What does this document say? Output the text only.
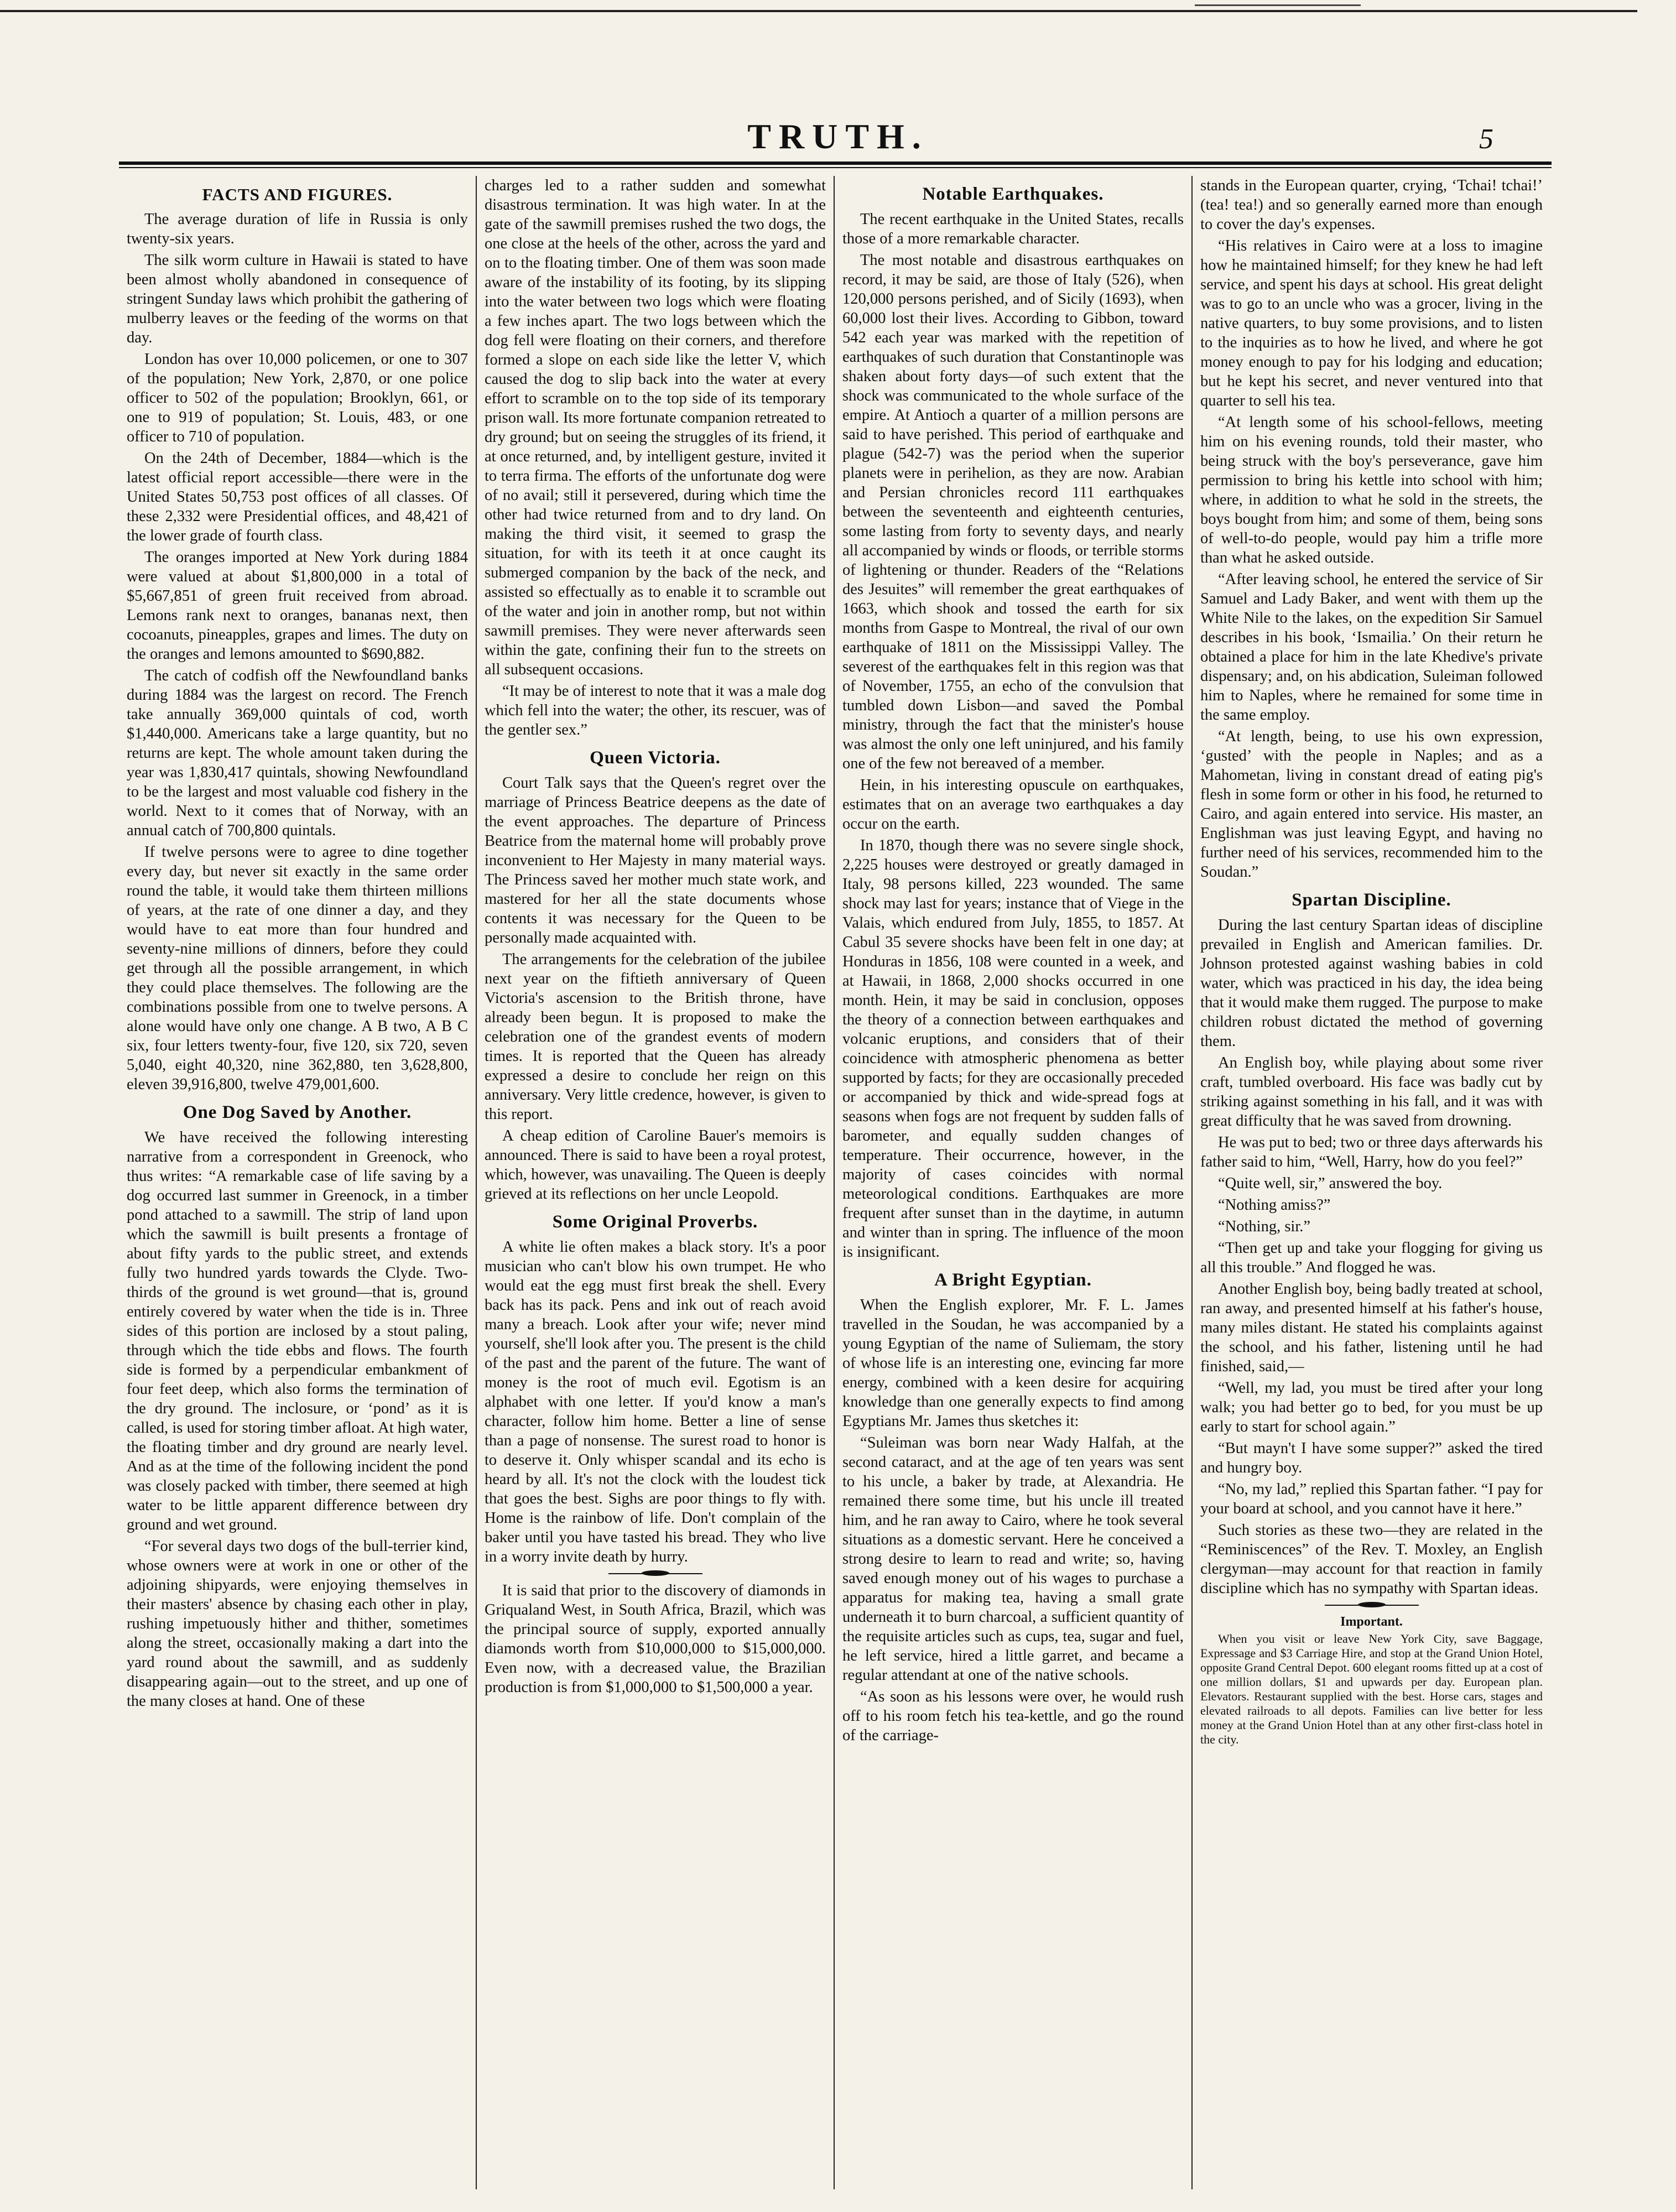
TRUTH.	5
FACTS AND FIGURES.

The average duration of life in Russia is only twenty-six years.

The silk worm culture in Hawaii is stated to have been almost wholly abandoned in consequence of stringent Sunday laws which prohibit the gathering of mulberry leaves or the feeding of the worms on that day.

London has over 10,000 policemen, or one to 307 of the population; New York, 2,870, or one police officer to 502 of the population; Brooklyn, 661, or one to 919 of population; St. Louis, 483, or one officer to 710 of population.

On the 24th of December, 1884—which is the latest official report accessible—there were in the United States 50,753 post offices of all classes. Of these 2,332 were Presidential offices, and 48,421 of the lower grade of fourth class.

The oranges imported at New York during 1884 were valued at about $1,800,000 in a total of $5,667,851 of green fruit received from abroad. Lemons rank next to oranges, bananas next, then cocoanuts, pineapples, grapes and limes. The duty on the oranges and lemons amounted to $690,882.

The catch of codfish off the Newfoundland banks during 1884 was the largest on record. The French take annually 369,000 quintals of cod, worth $1,440,000. Americans take a large quantity, but no returns are kept. The whole amount taken during the year was 1,830,417 quintals, showing Newfoundland to be the largest and most valuable cod fishery in the world. Next to it comes that of Norway, with an annual catch of 700,800 quintals.

If twelve persons were to agree to dine together every day, but never sit exactly in the same order round the table, it would take them thirteen millions of years, at the rate of one dinner a day, and they would have to eat more than four hundred and seventy-nine millions of dinners, before they could get through all the possible arrangement, in which they could place themselves. The following are the combinations possible from one to twelve persons. A alone would have only one change. A B two, A B C six, four letters twenty-four, five 120, six 720, seven 5,040, eight 40,320, nine 362,880, ten 3,628,800, eleven 39,916,800, twelve 479,001,600.

One Dog Saved by Another.

We have received the following interesting narrative from a correspondent in Greenock, who thus writes: “A remarkable case of life saving by a dog occurred last summer in Greenock, in a timber pond attached to a sawmill. The strip of land upon which the sawmill is built presents a frontage of about fifty yards to the public street, and extends fully two hundred yards towards the Clyde. Two-thirds of the ground is wet ground—that is, ground entirely covered by water when the tide is in. Three sides of this portion are inclosed by a stout paling, through which the tide ebbs and flows. The fourth side is formed by a perpendicular embankment of four feet deep, which also forms the termination of the dry ground. The inclosure, or ‘pond’ as it is called, is used for storing timber afloat. At high water, the floating timber and dry ground are nearly level. And as at the time of the following incident the pond was closely packed with timber, there seemed at high water to be little apparent difference between dry ground and wet ground.

“For several days two dogs of the bull-terrier kind, whose owners were at work in one or other of the adjoining shipyards, were enjoying themselves in their masters' absence by chasing each other in play, rushing impetuously hither and thither, sometimes along the street, occasionally making a dart into the yard round about the sawmill, and as suddenly disappearing again—out to the street, and up one of the many closes at hand. One of these

charges led to a rather sudden and somewhat disastrous termination. It was high water. In at the gate of the sawmill premises rushed the two dogs, the one close at the heels of the other, across the yard and on to the floating timber. One of them was soon made aware of the instability of its footing, by its slipping into the water between two logs which were floating a few inches apart. The two logs between which the dog fell were floating on their corners, and therefore formed a slope on each side like the letter V, which caused the dog to slip back into the water at every effort to scramble on to the top side of its temporary prison wall. Its more fortunate companion retreated to dry ground; but on seeing the struggles of its friend, it at once returned, and, by intelligent gesture, invited it to terra firma. The efforts of the unfortunate dog were of no avail; still it persevered, during which time the other had twice returned from and to dry land. On making the third visit, it seemed to grasp the situation, for with its teeth it at once caught its submerged companion by the back of the neck, and assisted so effectually as to enable it to scramble out of the water and join in another romp, but not within sawmill premises. They were never afterwards seen within the gate, confining their fun to the streets on all subsequent occasions.

“It may be of interest to note that it was a male dog which fell into the water; the other, its rescuer, was of the gentler sex.”

Queen Victoria.

Court Talk says that the Queen's regret over the marriage of Princess Beatrice deepens as the date of the event approaches. The departure of Princess Beatrice from the maternal home will probably prove inconvenient to Her Majesty in many material ways. The Princess saved her mother much state work, and mastered for her all the state documents whose contents it was necessary for the Queen to be personally made acquainted with.

The arrangements for the celebration of the jubilee next year on the fiftieth anniversary of Queen Victoria's ascension to the British throne, have already been begun. It is proposed to make the celebration one of the grandest events of modern times. It is reported that the Queen has already expressed a desire to conclude her reign on this anniversary. Very little credence, however, is given to this report.

A cheap edition of Caroline Bauer's memoirs is announced. There is said to have been a royal protest, which, however, was unavailing. The Queen is deeply grieved at its reflections on her uncle Leopold.

Some Original Proverbs.

A white lie often makes a black story. It's a poor musician who can't blow his own trumpet. He who would eat the egg must first break the shell. Every back has its pack. Pens and ink out of reach avoid many a breach. Look after your wife; never mind yourself, she'll look after you. The present is the child of the past and the parent of the future. The want of money is the root of much evil. Egotism is an alphabet with one letter. If you'd know a man's character, follow him home. Better a line of sense than a page of nonsense. The surest road to honor is to deserve it. Only whisper scandal and its echo is heard by all. It's not the clock with the loudest tick that goes the best. Sighs are poor things to fly with. Home is the rainbow of life. Don't complain of the baker until you have tasted his bread. They who live in a worry invite death by hurry.

It is said that prior to the discovery of diamonds in Griqualand West, in South Africa, Brazil, which was the principal source of supply, exported annually diamonds worth from $10,000,000 to $15,000,000. Even now, with a decreased value, the Brazilian production is from $1,000,000 to $1,500,000 a year.

Notable Earthquakes.

The recent earthquake in the United States, recalls those of a more remarkable character.

The most notable and disastrous earthquakes on record, it may be said, are those of Italy (526), when 120,000 persons perished, and of Sicily (1693), when 60,000 lost their lives. According to Gibbon, toward 542 each year was marked with the repetition of earthquakes of such duration that Constantinople was shaken about forty days—of such extent that the shock was communicated to the whole surface of the empire. At Antioch a quarter of a million persons are said to have perished. This period of earthquake and plague (542-7) was the period when the superior planets were in perihelion, as they are now. Arabian and Persian chronicles record 111 earthquakes between the seventeenth and eighteenth centuries, some lasting from forty to seventy days, and nearly all accompanied by winds or floods, or terrible storms of lightening or thunder. Readers of the “Relations des Jesuites” will remember the great earthquakes of 1663, which shook and tossed the earth for six months from Gaspe to Montreal, the rival of our own earthquake of 1811 on the Mississippi Valley. The severest of the earthquakes felt in this region was that of November, 1755, an echo of the convulsion that tumbled down Lisbon—and saved the Pombal ministry, through the fact that the minister's house was almost the only one left uninjured, and his family one of the few not bereaved of a member.

Hein, in his interesting opuscule on earthquakes, estimates that on an average two earthquakes a day occur on the earth.

In 1870, though there was no severe single shock, 2,225 houses were destroyed or greatly damaged in Italy, 98 persons killed, 223 wounded. The same shock may last for years; instance that of Viege in the Valais, which endured from July, 1855, to 1857. At Cabul 35 severe shocks have been felt in one day; at Honduras in 1856, 108 were counted in a week, and at Hawaii, in 1868, 2,000 shocks occurred in one month. Hein, it may be said in conclusion, opposes the theory of a connection between earthquakes and volcanic eruptions, and considers that of their coincidence with atmospheric phenomena as better supported by facts; for they are occasionally preceded or accompanied by thick and wide-spread fogs at seasons when fogs are not frequent by sudden falls of barometer, and equally sudden changes of temperature. Their occurrence, however, in the majority of cases coincides with normal meteorological conditions. Earthquakes are more frequent after sunset than in the daytime, in autumn and winter than in spring. The influence of the moon is insignificant.

A Bright Egyptian.

When the English explorer, Mr. F. L. James travelled in the Soudan, he was accompanied by a young Egyptian of the name of Suliemam, the story of whose life is an interesting one, evincing far more energy, combined with a keen desire for acquiring knowledge than one generally expects to find among Egyptians Mr. James thus sketches it:

“Suleiman was born near Wady Halfah, at the second cataract, and at the age of ten years was sent to his uncle, a baker by trade, at Alexandria. He remained there some time, but his uncle ill treated him, and he ran away to Cairo, where he took several situations as a domestic servant. Here he conceived a strong desire to learn to read and write; so, having saved enough money out of his wages to purchase a apparatus for making tea, having a small grate underneath it to burn charcoal, a sufficient quantity of the requisite articles such as cups, tea, sugar and fuel, he left service, hired a little garret, and became a regular attendant at one of the native schools.

“As soon as his lessons were over, he would rush off to his room fetch his tea-kettle, and go the round of the carriage-

stands in the European quarter, crying, ‘Tchai! tchai!’ (tea! tea!) and so generally earned more than enough to cover the day's expenses.

“His relatives in Cairo were at a loss to imagine how he maintained himself; for they knew he had left service, and spent his days at school. His great delight was to go to an uncle who was a grocer, living in the native quarters, to buy some provisions, and to listen to the inquiries as to how he lived, and where he got money enough to pay for his lodging and education; but he kept his secret, and never ventured into that quarter to sell his tea.

“At length some of his school-fellows, meeting him on his evening rounds, told their master, who being struck with the boy's perseverance, gave him permission to bring his kettle into school with him; where, in addition to what he sold in the streets, the boys bought from him; and some of them, being sons of well-to-do people, would pay him a trifle more than what he asked outside.

“After leaving school, he entered the service of Sir Samuel and Lady Baker, and went with them up the White Nile to the lakes, on the expedition Sir Samuel describes in his book, ‘Ismailia.’ On their return he obtained a place for him in the late Khedive's private dispensary; and, on his abdication, Suleiman followed him to Naples, where he remained for some time in the same employ.

“At length, being, to use his own expression, ‘gusted’ with the people in Naples; and as a Mahometan, living in constant dread of eating pig's flesh in some form or other in his food, he returned to Cairo, and again entered into service. His master, an Englishman was just leaving Egypt, and having no further need of his services, recommended him to the Soudan.”

Spartan Discipline.

During the last century Spartan ideas of discipline prevailed in English and American families. Dr. Johnson protested against washing babies in cold water, which was practiced in his day, the idea being that it would make them rugged. The purpose to make children robust dictated the method of governing them.

An English boy, while playing about some river craft, tumbled overboard. His face was badly cut by striking against something in his fall, and it was with great difficulty that he was saved from drowning.

He was put to bed; two or three days afterwards his father said to him, “Well, Harry, how do you feel?”

“Quite well, sir,” answered the boy.

“Nothing amiss?”

“Nothing, sir.”

“Then get up and take your flogging for giving us all this trouble.” And flogged he was.

Another English boy, being badly treated at school, ran away, and presented himself at his father's house, many miles distant. He stated his complaints against the school, and his father, listening until he had finished, said,—

“Well, my lad, you must be tired after your long walk; you had better go to bed, for you must be up early to start for school again.”

“But mayn't I have some supper?” asked the tired and hungry boy.

“No, my lad,” replied this Spartan father. “I pay for your board at school, and you cannot have it here.”

Such stories as these two—they are related in the “Reminiscences” of the Rev. T. Moxley, an English clergyman—may account for that reaction in family discipline which has no sympathy with Spartan ideas.

Important.

When you visit or leave New York City, save Baggage, Expressage and $3 Carriage Hire, and stop at the Grand Union Hotel, opposite Grand Central Depot. 600 elegant rooms fitted up at a cost of one million dollars, $1 and upwards per day. European plan. Elevators. Restaurant supplied with the best. Horse cars, stages and elevated railroads to all depots. Families can live better for less money at the Grand Union Hotel than at any other first-class hotel in the city.
